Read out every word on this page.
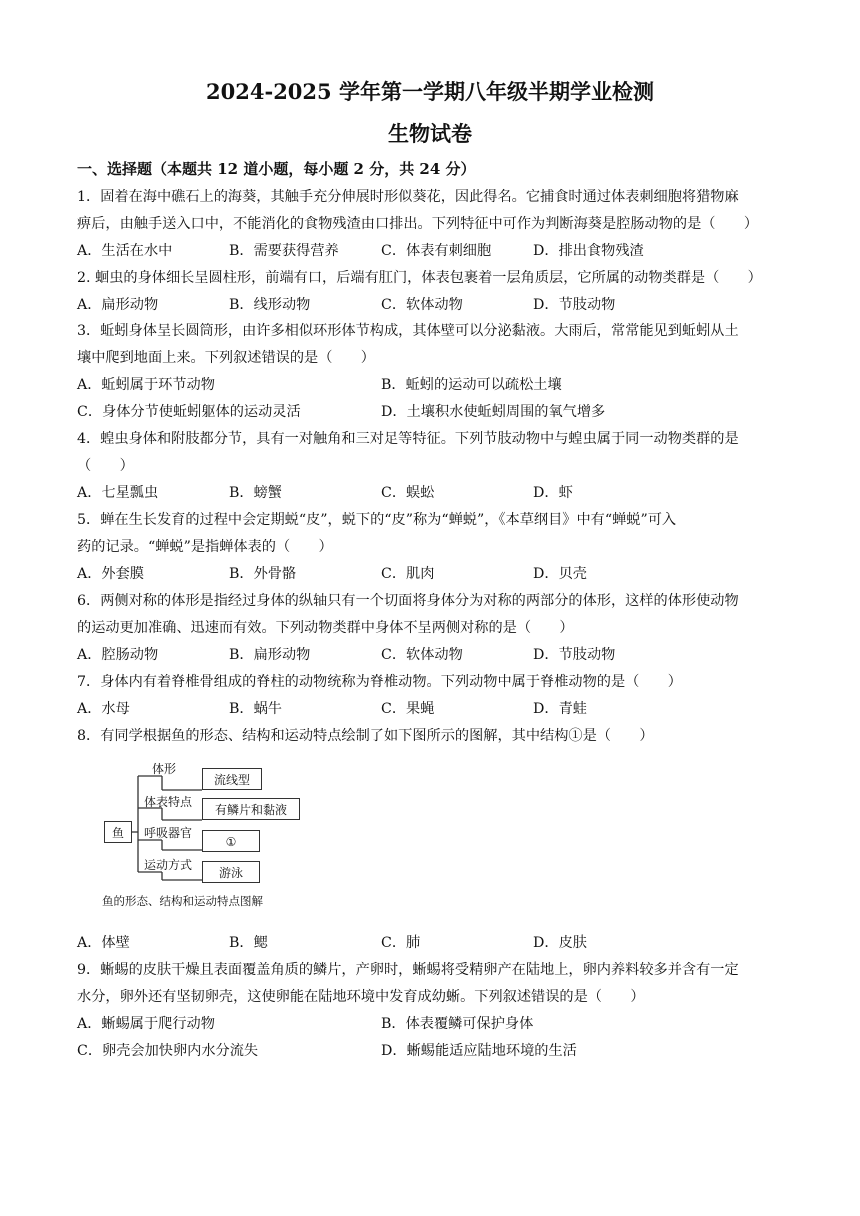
2024-2025 学年第一学期八年级半期学业检测
生物试卷
一、选择题（本题共 12 道小题，每小题 2 分，共 24 分）
1．固着在海中礁石上的海葵，其触手充分伸展时形似葵花，因此得名。它捕食时通过体表刺细胞将猎物麻
痹后，由触手送入口中，不能消化的食物残渣由口排出。下列特征中可作为判断海葵是腔肠动物的是（　　）
A．生活在水中	B．需要获得营养	C．体表有刺细胞	D．排出食物残渣
2. 蛔虫的身体细长呈圆柱形，前端有口，后端有肛门，体表包裹着一层角质层，它所属的动物类群是（　　）
A．扁形动物	B．线形动物	C．软体动物	D．节肢动物
3．蚯蚓身体呈长圆筒形，由许多相似环形体节构成，其体壁可以分泌黏液。大雨后，常常能见到蚯蚓从土
壤中爬到地面上来。下列叙述错误的是（　　）
A．蚯蚓属于环节动物	B．蚯蚓的运动可以疏松土壤
C．身体分节使蚯蚓躯体的运动灵活	D．土壤积水使蚯蚓周围的氧气增多
4．蝗虫身体和附肢都分节，具有一对触角和三对足等特征。下列节肢动物中与蝗虫属于同一动物类群的是
（　　）
A．七星瓢虫	B．螃蟹	C．蜈蚣	D．虾
5．蝉在生长发育的过程中会定期蜕“皮”，蜕下的“皮”称为“蝉蜕”，《本草纲目》中有“蝉蜕”可入
药的记录。“蝉蜕”是指蝉体表的（　　）
A．外套膜	B．外骨骼	C．肌肉	D．贝壳
6．两侧对称的体形是指经过身体的纵轴只有一个切面将身体分为对称的两部分的体形，这样的体形使动物
的运动更加准确、迅速而有效。下列动物类群中身体不呈两侧对称的是（　　）
A．腔肠动物	B．扁形动物	C．软体动物	D．节肢动物
7．身体内有着脊椎骨组成的脊柱的动物统称为脊椎动物。下列动物中属于脊椎动物的是（　　）
A．水母	B．蜗牛	C．果蝇	D．青蛙
8．有同学根据鱼的形态、结构和运动特点绘制了如下图所示的图解，其中结构①是（　　）
鱼
体形
流线型
体表特点
有鳞片和黏液
呼吸器官
①
运动方式
游泳
鱼的形态、结构和运动特点图解
A．体壁	B．鳃	C．肺	D．皮肤
9．蜥蜴的皮肤干燥且表面覆盖角质的鳞片，产卵时，蜥蜴将受精卵产在陆地上，卵内养料较多并含有一定
水分，卵外还有坚韧卵壳，这使卵能在陆地环境中发育成幼蜥。下列叙述错误的是（　　）
A．蜥蜴属于爬行动物	B．体表覆鳞可保护身体
C．卵壳会加快卵内水分流失	D．蜥蜴能适应陆地环境的生活
